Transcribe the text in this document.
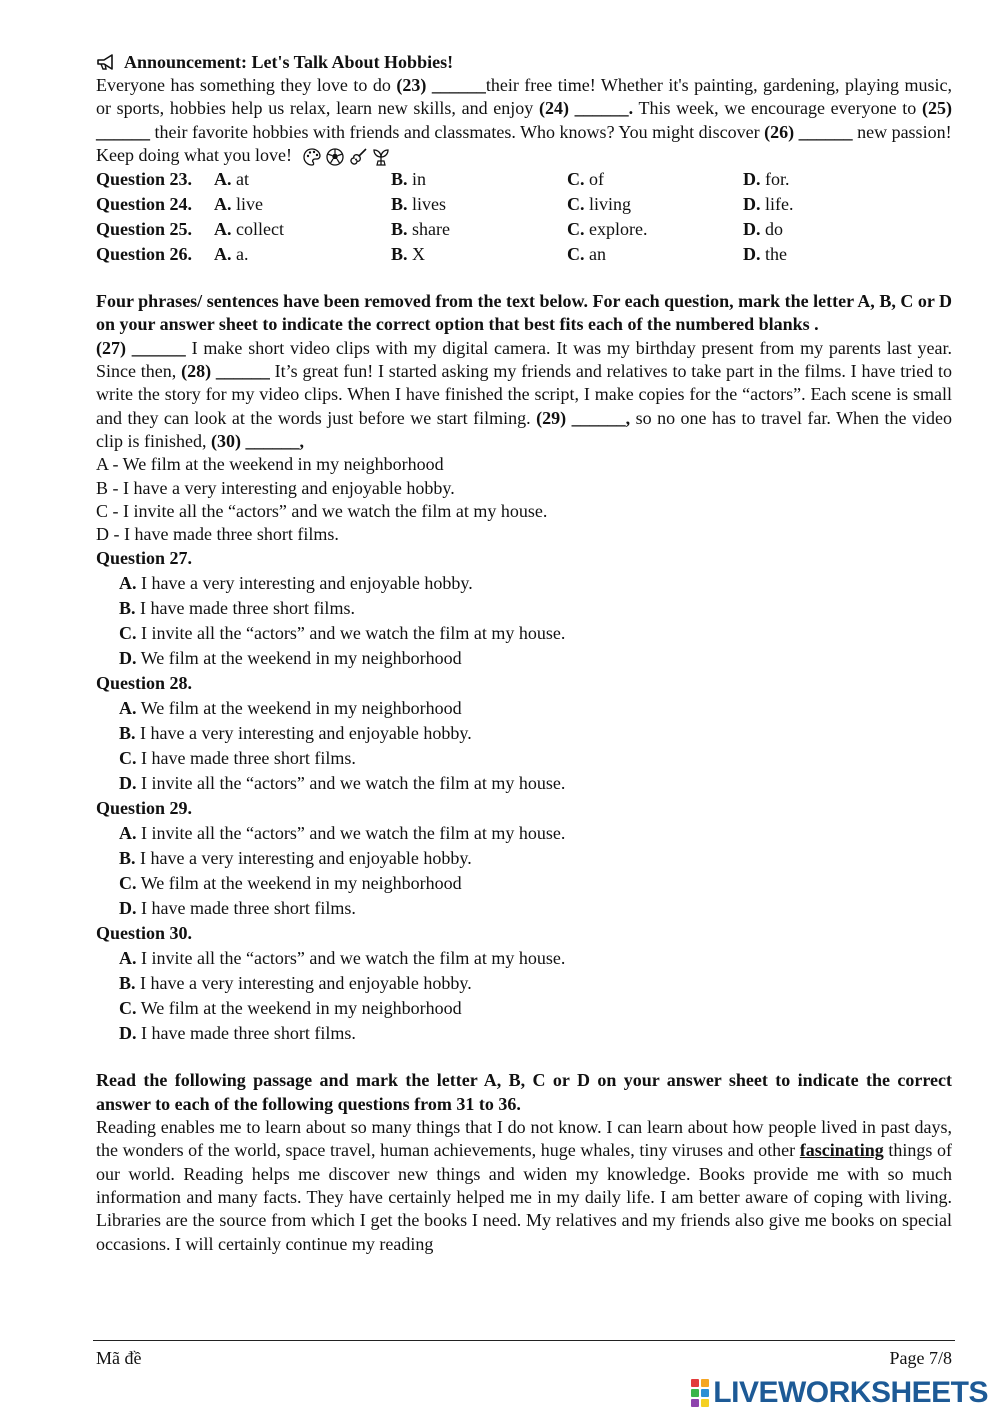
Announcement: Let's Talk About Hobbies!
Everyone has something they love to do (23) ______their free time! Whether it's painting, gardening, playing music, or sports, hobbies help us relax, learn new skills, and enjoy (24) ______. This week, we encourage everyone to (25) ______ their favorite hobbies with friends and classmates. Who knows? You might discover (26) ______ new passion!
Keep doing what you love!
Question 23.	A. at	B. in	C. of	D. for.
Question 24.	A. live	B. lives	C. living	D. life.
Question 25.	A. collect	B. share	C. explore.	D. do
Question 26.	A. a.	B. X	C. an	D. the
Four phrases/ sentences have been removed from the text below. For each question, mark the letter A, B, C or D on your answer sheet to indicate the correct option that best fits each of the numbered blanks .
(27) ______ I make short video clips with my digital camera. It was my birthday present from my parents last year. Since then, (28) ______ It’s great fun! I started asking my friends and relatives to take part in the films. I have tried to write the story for my video clips. When I have finished the script, I make copies for the “actors”. Each scene is small and they can look at the words just before we start filming. (29) ______, so no one has to travel far. When the video clip is finished, (30) ______,
A - We film at the weekend in my neighborhood
B - I have a very interesting and enjoyable hobby.
C - I invite all the “actors” and we watch the film at my house.
D - I have made three short films.
Question 27.
A. I have a very interesting and enjoyable hobby.
B. I have made three short films.
C. I invite all the “actors” and we watch the film at my house.
D. We film at the weekend in my neighborhood
Question 28.
A. We film at the weekend in my neighborhood
B. I have a very interesting and enjoyable hobby.
C. I have made three short films.
D. I invite all the “actors” and we watch the film at my house.
Question 29.
A. I invite all the “actors” and we watch the film at my house.
B. I have a very interesting and enjoyable hobby.
C. We film at the weekend in my neighborhood
D. I have made three short films.
Question 30.
A. I invite all the “actors” and we watch the film at my house.
B. I have a very interesting and enjoyable hobby.
C. We film at the weekend in my neighborhood
D. I have made three short films.
Read the following passage and mark the letter A, B, C or D on your answer sheet to indicate the correct answer to each of the following questions from 31 to 36.
Reading enables me to learn about so many things that I do not know. I can learn about how people lived in past days, the wonders of the world, space travel, human achievements, huge whales, tiny viruses and other fascinating things of our world. Reading helps me discover new things and widen my knowledge. Books provide me with so much information and many facts. They have certainly helped me in my daily life. I am better aware of coping with living. Libraries are the source from which I get the books I need. My relatives and my friends also give me books on special occasions. I will certainly continue my reading
Mã đề	Page 7/8
LIVEWORKSHEETS
